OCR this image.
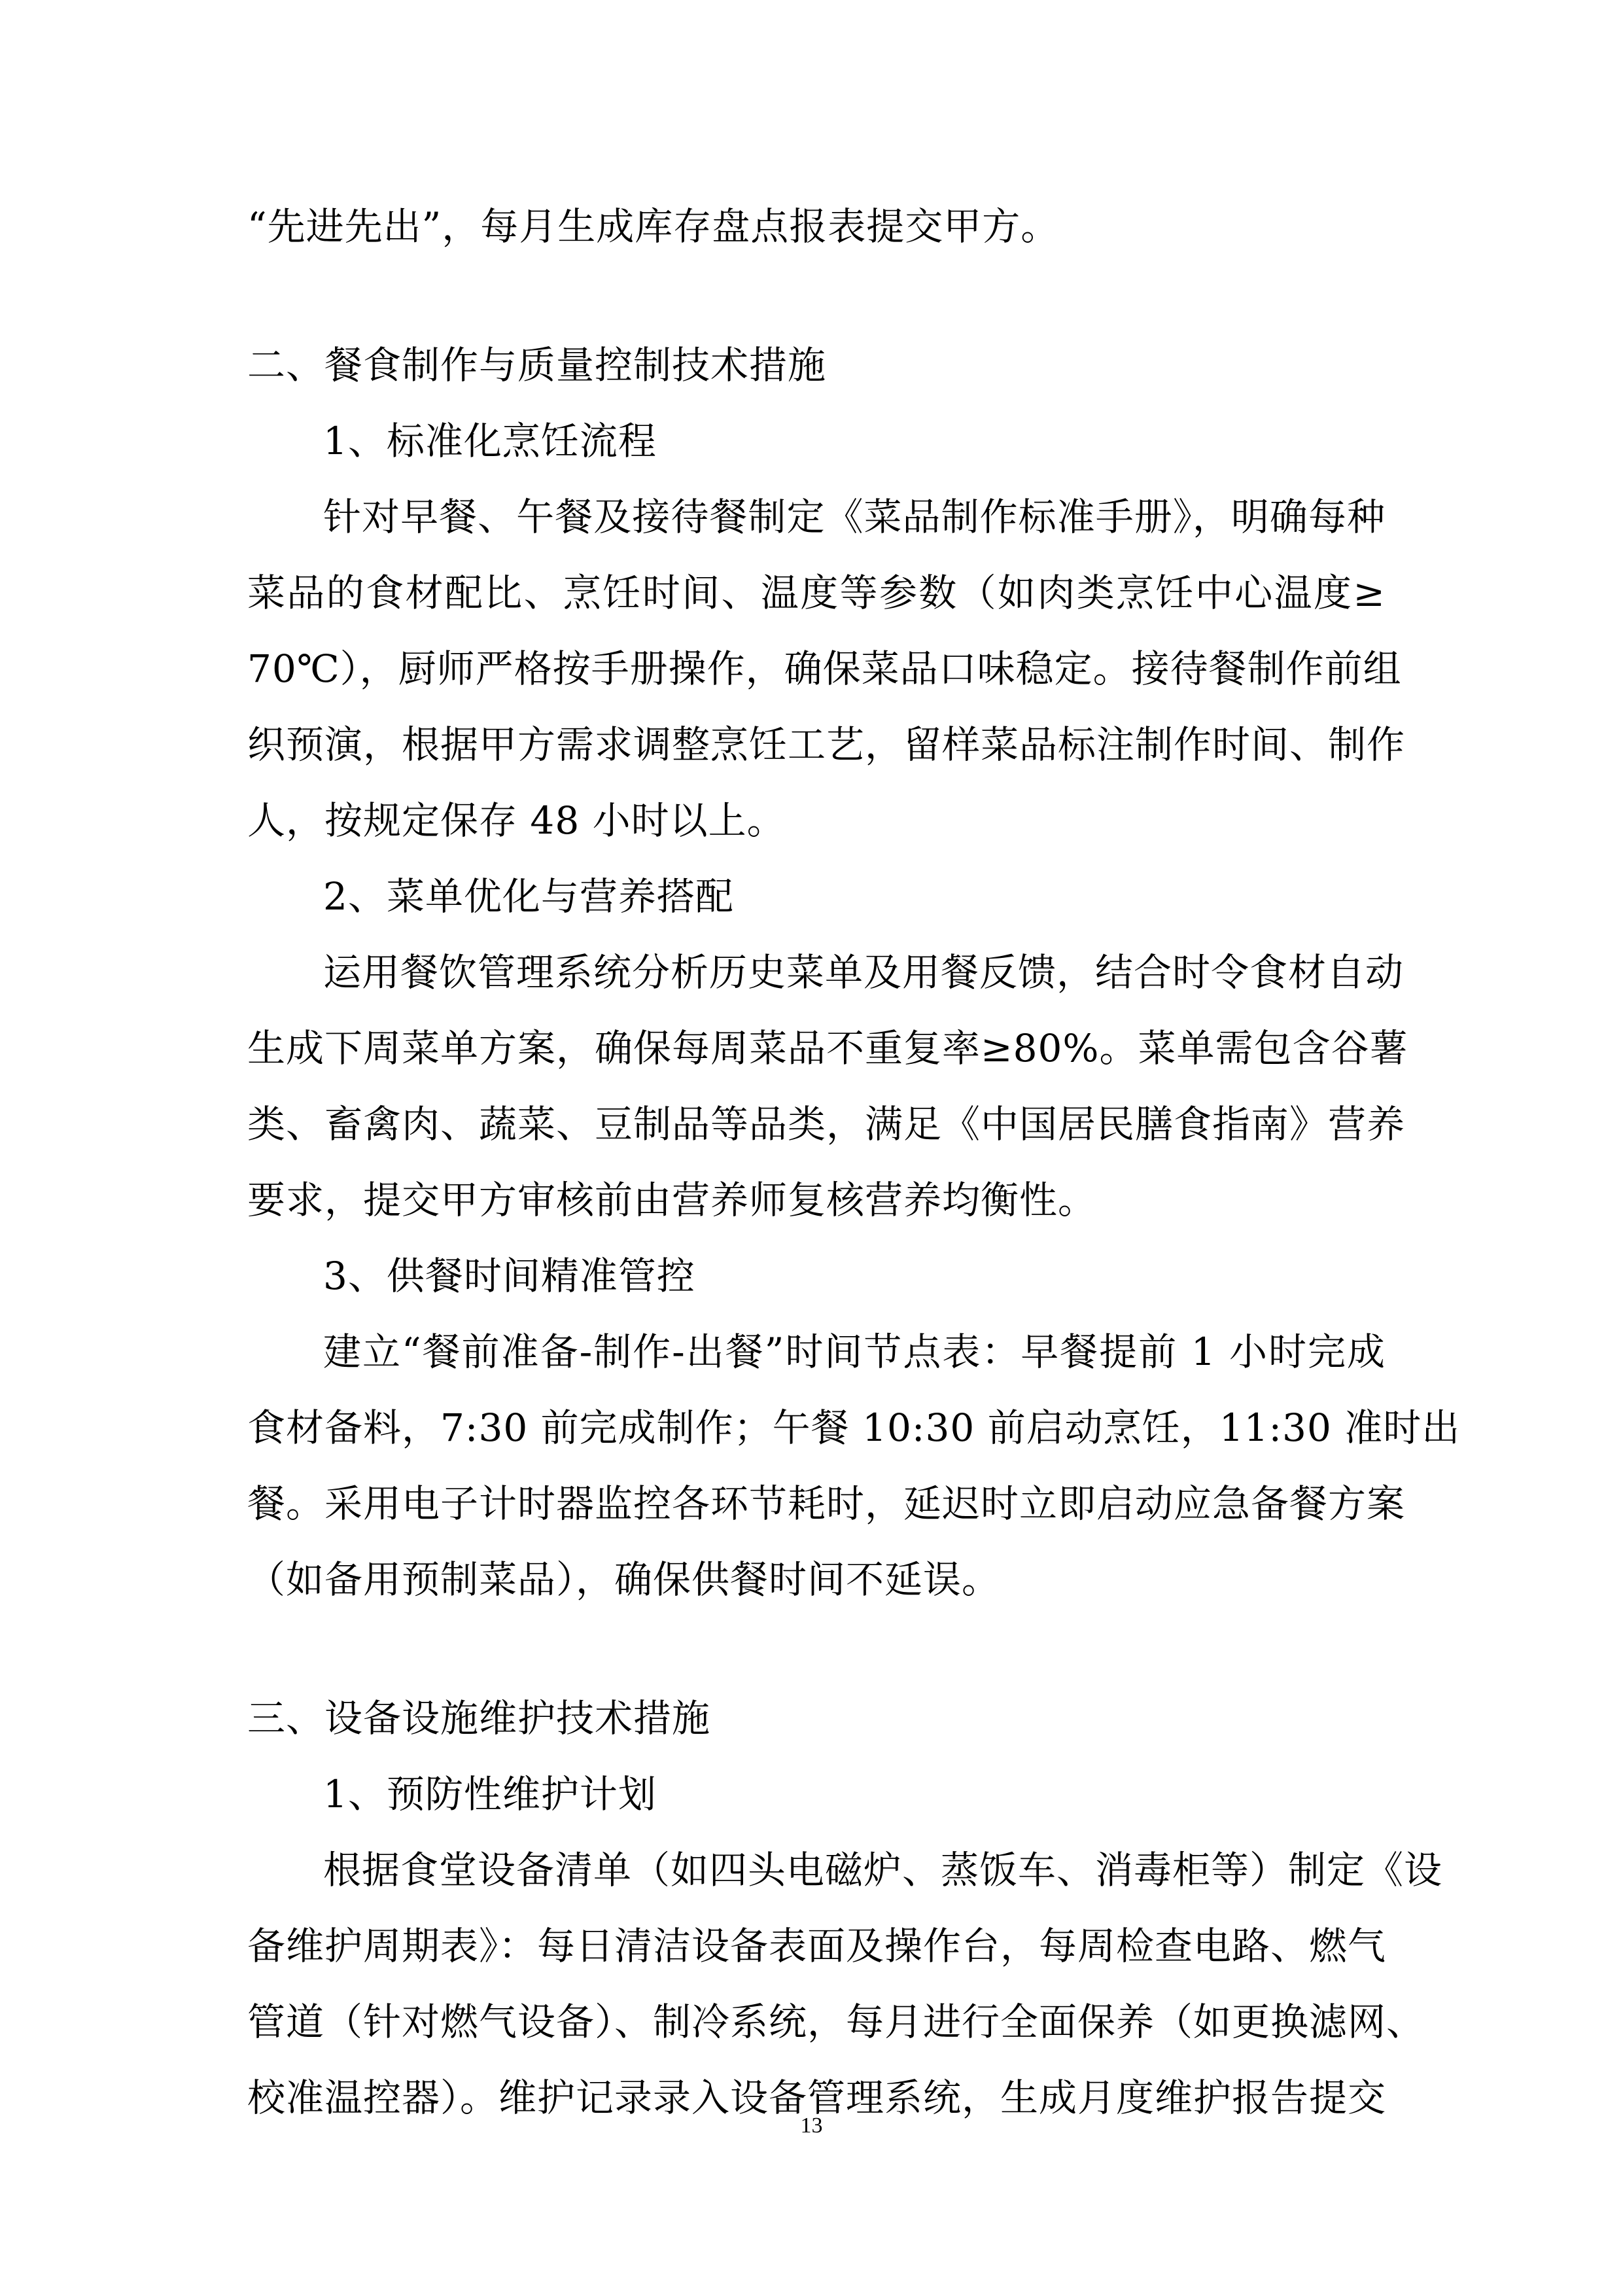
“先进先出”，每月生成库存盘点报表提交甲方。
二、餐食制作与质量控制技术措施
1、标准化烹饪流程
针对早餐、午餐及接待餐制定《菜品制作标准手册》，明确每种
菜品的食材配比、烹饪时间、温度等参数（如肉类烹饪中心温度≥
70℃），厨师严格按手册操作，确保菜品口味稳定。接待餐制作前组
织预演，根据甲方需求调整烹饪工艺，留样菜品标注制作时间、制作
人，按规定保存 48 小时以上。
2、菜单优化与营养搭配
运用餐饮管理系统分析历史菜单及用餐反馈，结合时令食材自动
生成下周菜单方案，确保每周菜品不重复率≥80%。菜单需包含谷薯
类、畜禽肉、蔬菜、豆制品等品类，满足《中国居民膳食指南》营养
要求，提交甲方审核前由营养师复核营养均衡性。
3、供餐时间精准管控
建立“餐前准备-制作-出餐”时间节点表：早餐提前 1 小时完成
食材备料，7:30 前完成制作；午餐 10:30 前启动烹饪，11:30 准时出
餐。采用电子计时器监控各环节耗时，延迟时立即启动应急备餐方案
（如备用预制菜品），确保供餐时间不延误。
三、设备设施维护技术措施
1、预防性维护计划
根据食堂设备清单（如四头电磁炉、蒸饭车、消毒柜等）制定《设
备维护周期表》：每日清洁设备表面及操作台，每周检查电路、燃气
管道（针对燃气设备）、制冷系统，每月进行全面保养（如更换滤网、
校准温控器）。维护记录录入设备管理系统，生成月度维护报告提交
13
